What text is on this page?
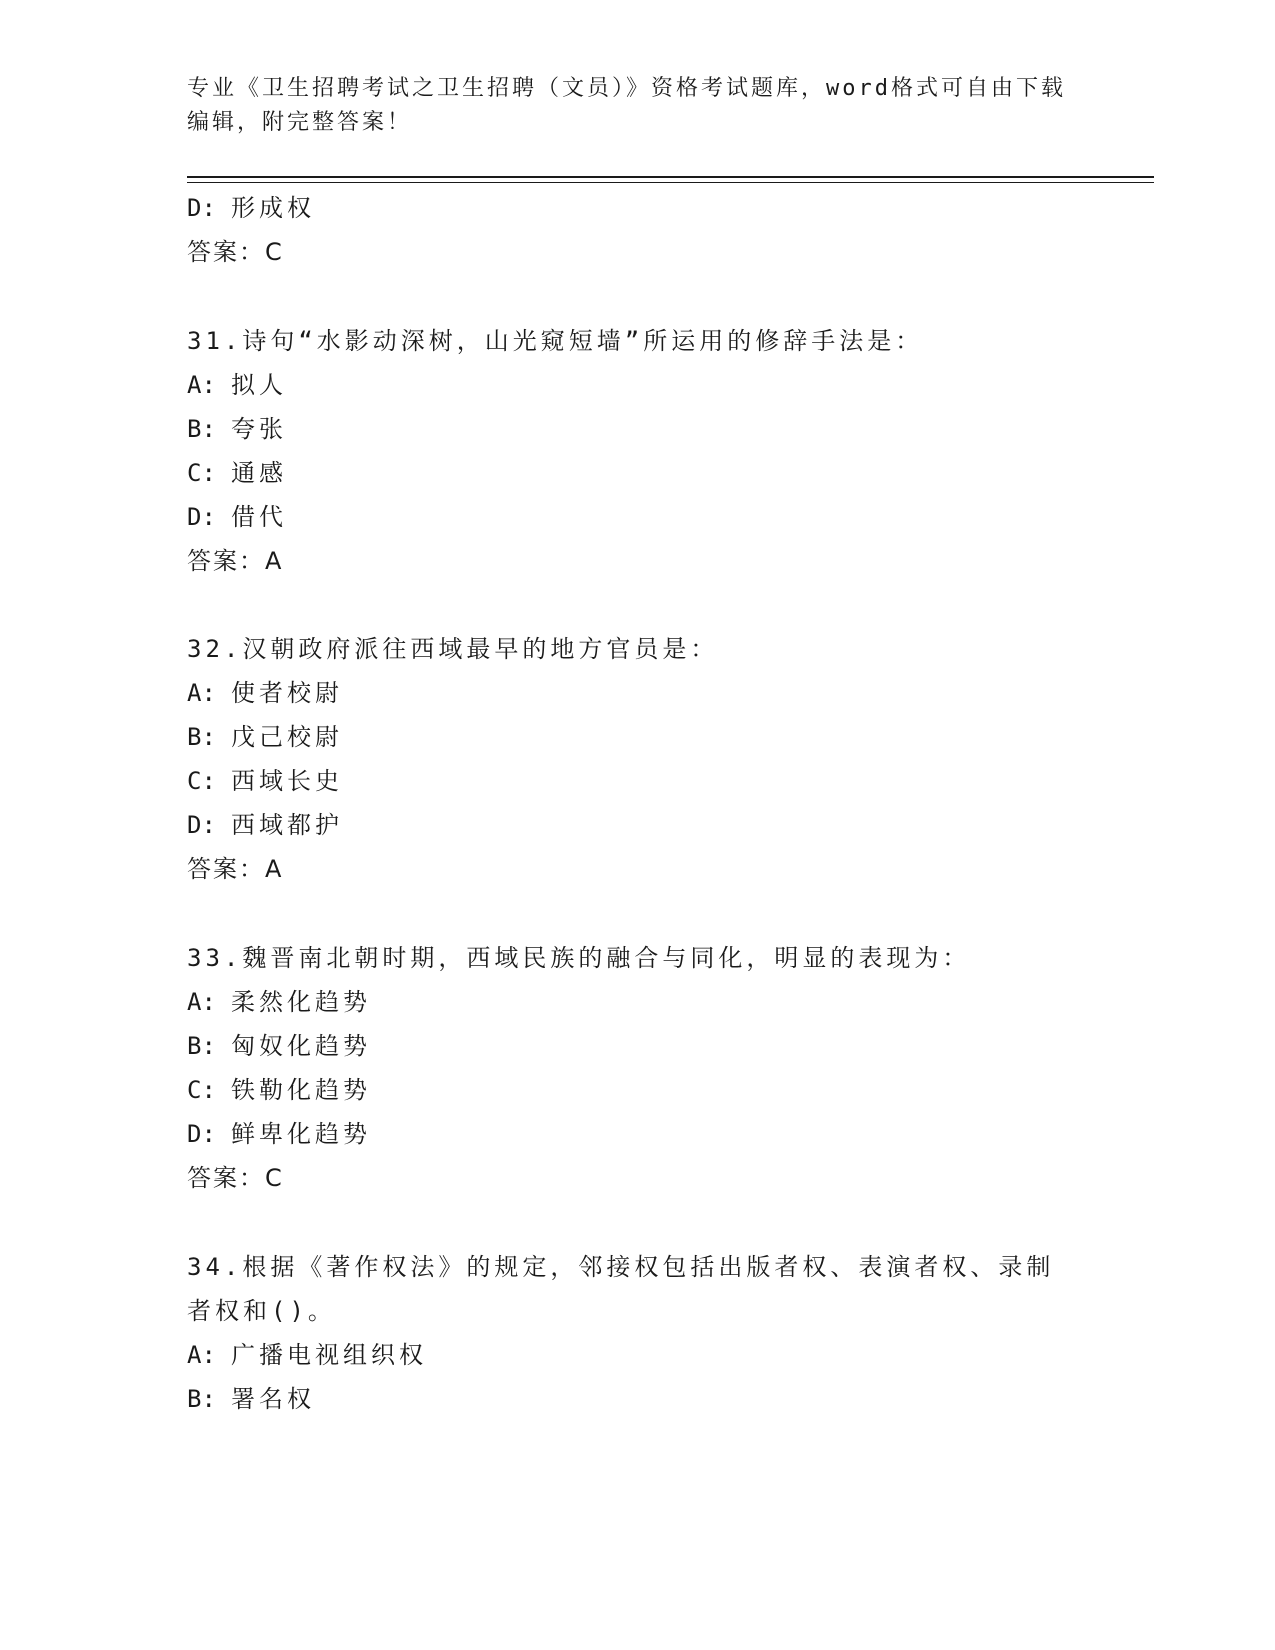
专业《卫生招聘考试之卫生招聘（文员）》资格考试题库，word格式可自由下载
编辑，附完整答案！
D: 形成权
答案：C
31.诗句“水影动深树，山光窥短墙”所运用的修辞手法是：
A: 拟人
B: 夸张
C: 通感
D: 借代
答案：A
32.汉朝政府派往西域最早的地方官员是：
A: 使者校尉
B: 戊己校尉
C: 西域长史
D: 西域都护
答案：A
33.魏晋南北朝时期，西域民族的融合与同化，明显的表现为：
A: 柔然化趋势
B: 匈奴化趋势
C: 铁勒化趋势
D: 鲜卑化趋势
答案：C
34.根据《著作权法》的规定，邻接权包括出版者权、表演者权、录制
者权和()。
A: 广播电视组织权
B: 署名权
